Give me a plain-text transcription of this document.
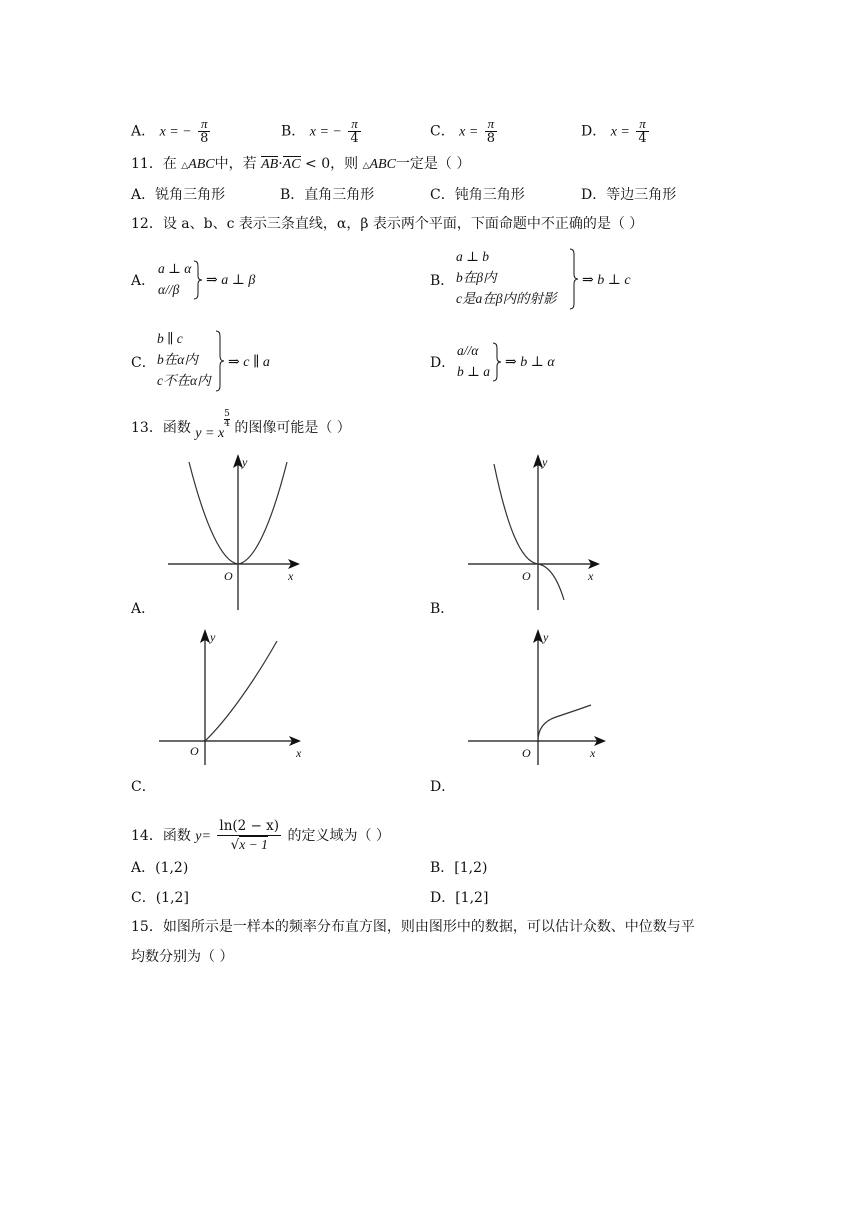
A． x = − $\frac{\pi}{8}$	B． x = − $\frac{\pi}{4}$	C． $x = \frac{\pi}{8}$	D． $x = \frac{\pi}{4}$
11．在 △ABC中，若 AB·AC < 0，则 △ABC一定是（ ）
A．锐角三角形	B．直角三角形	C．钝角三角形	D．等边三角形
12．设 a、b、c 表示三条直线，α，β 表示两个平面，下面命题中不正确的是（ ）
A．
a ⊥ α
α//β
⇒ a ⊥ β	B．
a ⊥ b
b在β内
c是a在β内的射影
⇒ b ⊥ c
C．
b ∥ c
b在α内
c不在α内
⇒ c ∥ a	D．
a//α
b ⊥ a
⇒ b ⊥ α
13．函数 y = x
$\frac{5}{4}$ 的图像可能是（ ）
y
x
O
A．
y
x
O
B．
y
x
O
C．
y
x
O
D．
14．函数 $y= \frac{\ln(2 - x)}{√x - 1}$ 的定义域为（ ）
A．(1,2)	B．[1,2)
C．(1,2]	D．[1,2]
15．如图所示是一样本的频率分布直方图，则由图形中的数据，可以估计众数、中位数与平
均数分别为（ ）
